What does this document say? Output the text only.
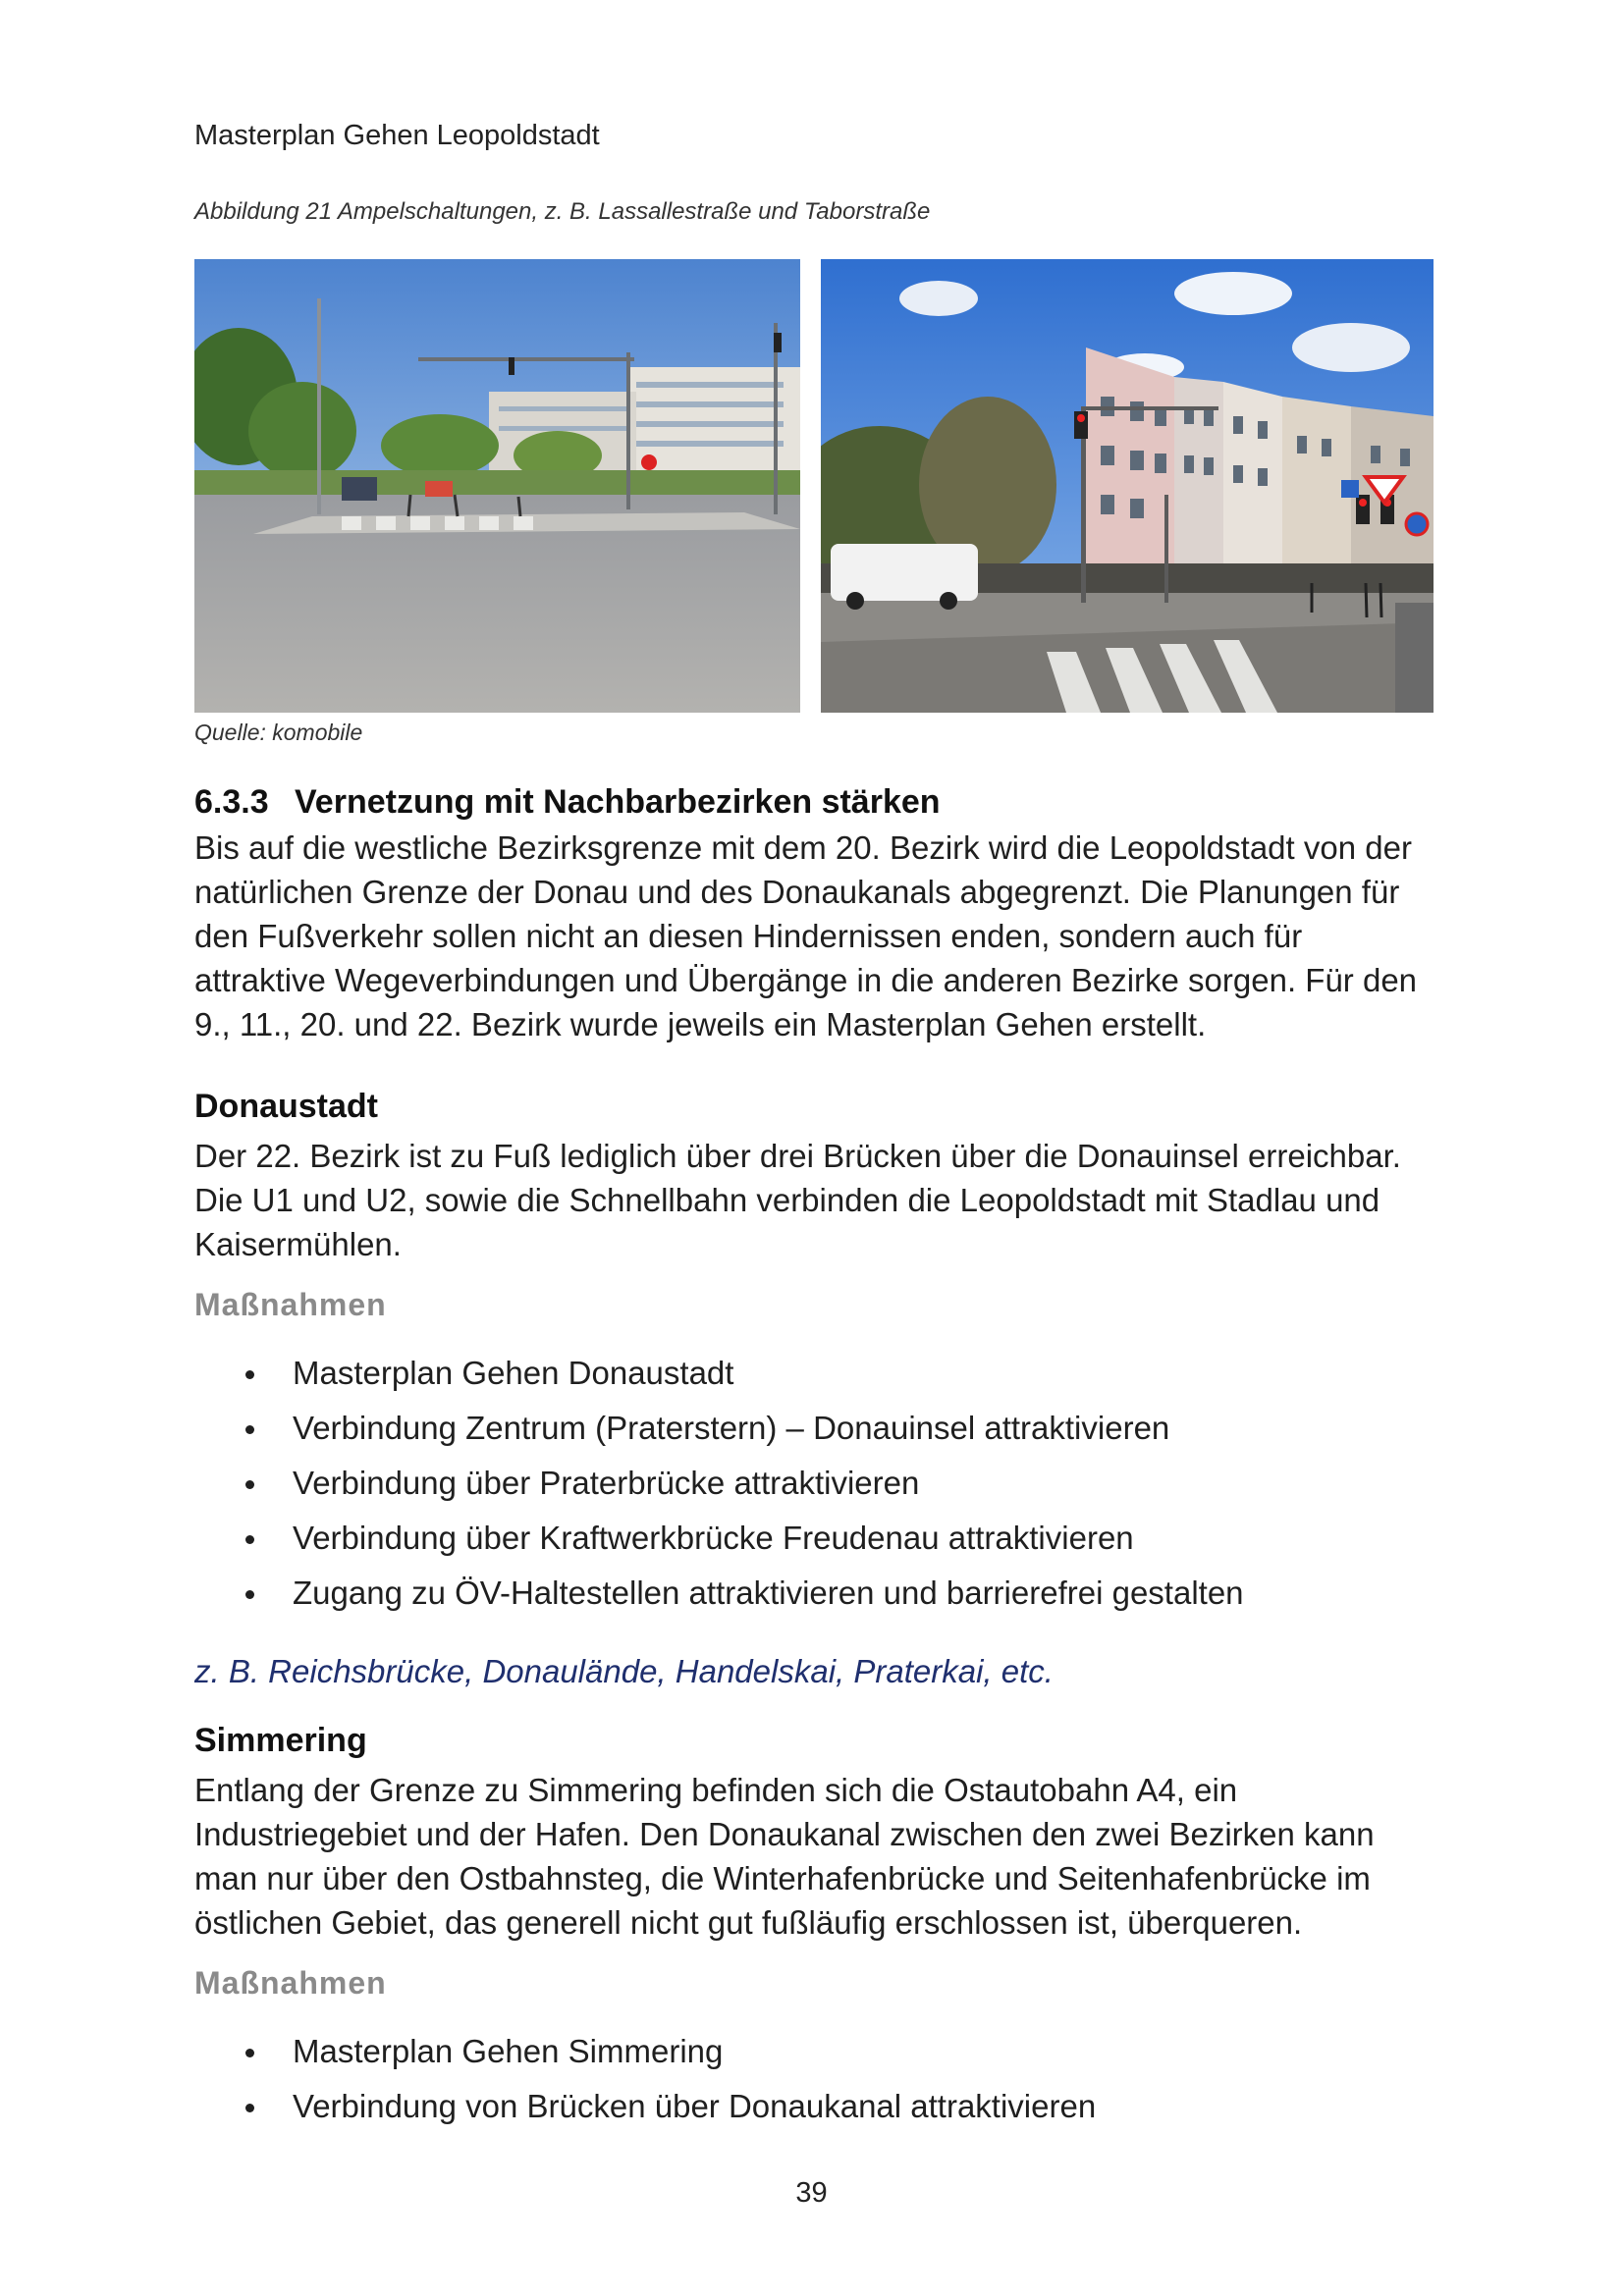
Masterplan Gehen Leopoldstadt
Abbildung 21 Ampelschaltungen, z. B. Lassallestraße und Taborstraße
Quelle: komobile
6.3.3 Vernetzung mit Nachbarbezirken stärken
Bis auf die westliche Bezirksgrenze mit dem 20. Bezirk wird die Leopoldstadt von der
natürlichen Grenze der Donau und des Donaukanals abgegrenzt. Die Planungen für
den Fußverkehr sollen nicht an diesen Hindernissen enden, sondern auch für
attraktive Wegeverbindungen und Übergänge in die anderen Bezirke sorgen. Für den
9., 11., 20. und 22. Bezirk wurde jeweils ein Masterplan Gehen erstellt.
Donaustadt
Der 22. Bezirk ist zu Fuß lediglich über drei Brücken über die Donauinsel erreichbar.
Die U1 und U2, sowie die Schnellbahn verbinden die Leopoldstadt mit Stadlau und
Kaisermühlen.
Maßnahmen
Masterplan Gehen Donaustadt
Verbindung Zentrum (Praterstern) – Donauinsel attraktivieren
Verbindung über Praterbrücke attraktivieren
Verbindung über Kraftwerkbrücke Freudenau attraktivieren
Zugang zu ÖV-Haltestellen attraktivieren und barrierefrei gestalten
z. B. Reichsbrücke, Donaulände, Handelskai, Praterkai, etc.
Simmering
Entlang der Grenze zu Simmering befinden sich die Ostautobahn A4, ein
Industriegebiet und der Hafen. Den Donaukanal zwischen den zwei Bezirken kann
man nur über den Ostbahnsteg, die Winterhafenbrücke und Seitenhafenbrücke im
östlichen Gebiet, das generell nicht gut fußläufig erschlossen ist, überqueren.
Maßnahmen
Masterplan Gehen Simmering
Verbindung von Brücken über Donaukanal attraktivieren
39
